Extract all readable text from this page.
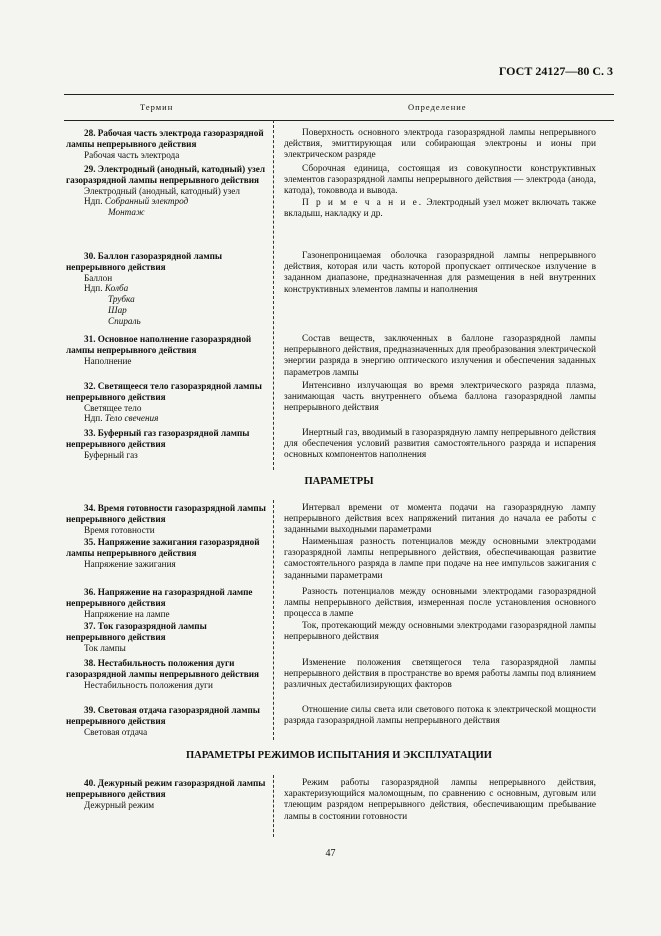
ГОСТ 24127—80 С. 3
Термин	Определение
28. Рабочая часть электрода газоразрядной лампы непрерывного действия
Рабочая часть электрода
Поверхность основного электрода газоразрядной лампы непрерывного действия, эмиттирующая или собирающая электроны и ионы при электрическом разряде
29. Электродный (анодный, катодный) узел газоразрядной лампы непрерывного действия
Электродный (анодный, катодный) узел
Ндп. Собранный электрод
Монтаж
Сборочная единица, состоящая из совокупности конструктивных элементов газоразрядной лампы непрерывного действия — электрода (анода, катода), токоввода и вывода.
П р и м е ч а н и е. Электродный узел может включать также вкладыш, накладку и др.
30. Баллон газоразрядной лампы непрерывного действия
Баллон
Ндп. Колба
Трубка
Шар
Спираль
Газонепроницаемая оболочка газоразрядной лампы непрерывного действия, которая или часть которой пропускает оптическое излучение в заданном диапазоне, предназначенная для размещения в ней внутренних конструктивных элементов лампы и наполнения
31. Основное наполнение газоразрядной лампы непрерывного действия
Наполнение
Состав веществ, заключенных в баллоне газоразрядной лампы непрерывного действия, предназначенных для преобразования электрической энергии разряда в энергию оптического излучения и обеспечения заданных параметров лампы
32. Светящееся тело газоразрядной лампы непрерывного действия
Светящее тело
Ндп. Тело свечения
Интенсивно излучающая во время электрического разряда плазма, занимающая часть внутреннего объема баллона газоразрядной лампы непрерывного действия
33. Буферный газ газоразрядной лампы непрерывного действия
Буферный газ
Инертный газ, вводимый в газоразрядную лампу непрерывного действия для обеспечения условий развития самостоятельного разряда и испарения основных компонентов наполнения
ПАРАМЕТРЫ
34. Время готовности газоразрядной лампы непрерывного действия
Время готовности
Интервал времени от момента подачи на газоразрядную лампу непрерывного действия всех напряжений питания до начала ее работы с заданными выходными параметрами
35. Напряжение зажигания газоразрядной лампы непрерывного действия
Напряжение зажигания
Наименьшая разность потенциалов между основными электродами газоразрядной лампы непрерывного действия, обеспечивающая развитие самостоятельного разряда в лампе при подаче на нее импульсов зажигания с заданными параметрами
36. Напряжение на газоразрядной лампе непрерывного действия
Напряжение на лампе
Разность потенциалов между основными электродами газоразрядной лампы непрерывного действия, измеренная после установления основного процесса в лампе
37. Ток газоразрядной лампы непрерывного действия
Ток лампы
Ток, протекающий между основными электродами газоразрядной лампы непрерывного действия
38. Нестабильность положения дуги газоразрядной лампы непрерывного действия
Нестабильность положения дуги
Изменение положения светящегося тела газоразрядной лампы непрерывного действия в пространстве во время работы лампы под влиянием различных дестабилизирующих факторов
39. Световая отдача газоразрядной лампы непрерывного действия
Световая отдача
Отношение силы света или светового потока к электрической мощности разряда газоразрядной лампы непрерывного действия
ПАРАМЕТРЫ РЕЖИМОВ ИСПЫТАНИЯ И ЭКСПЛУАТАЦИИ
40. Дежурный режим газоразрядной лампы непрерывного действия
Дежурный режим
Режим работы газоразрядной лампы непрерывного действия, характеризующийся маломощным, по сравнению с основным, дуговым или тлеющим разрядом непрерывного действия, обеспечивающим пребывание лампы в состоянии готовности
47
